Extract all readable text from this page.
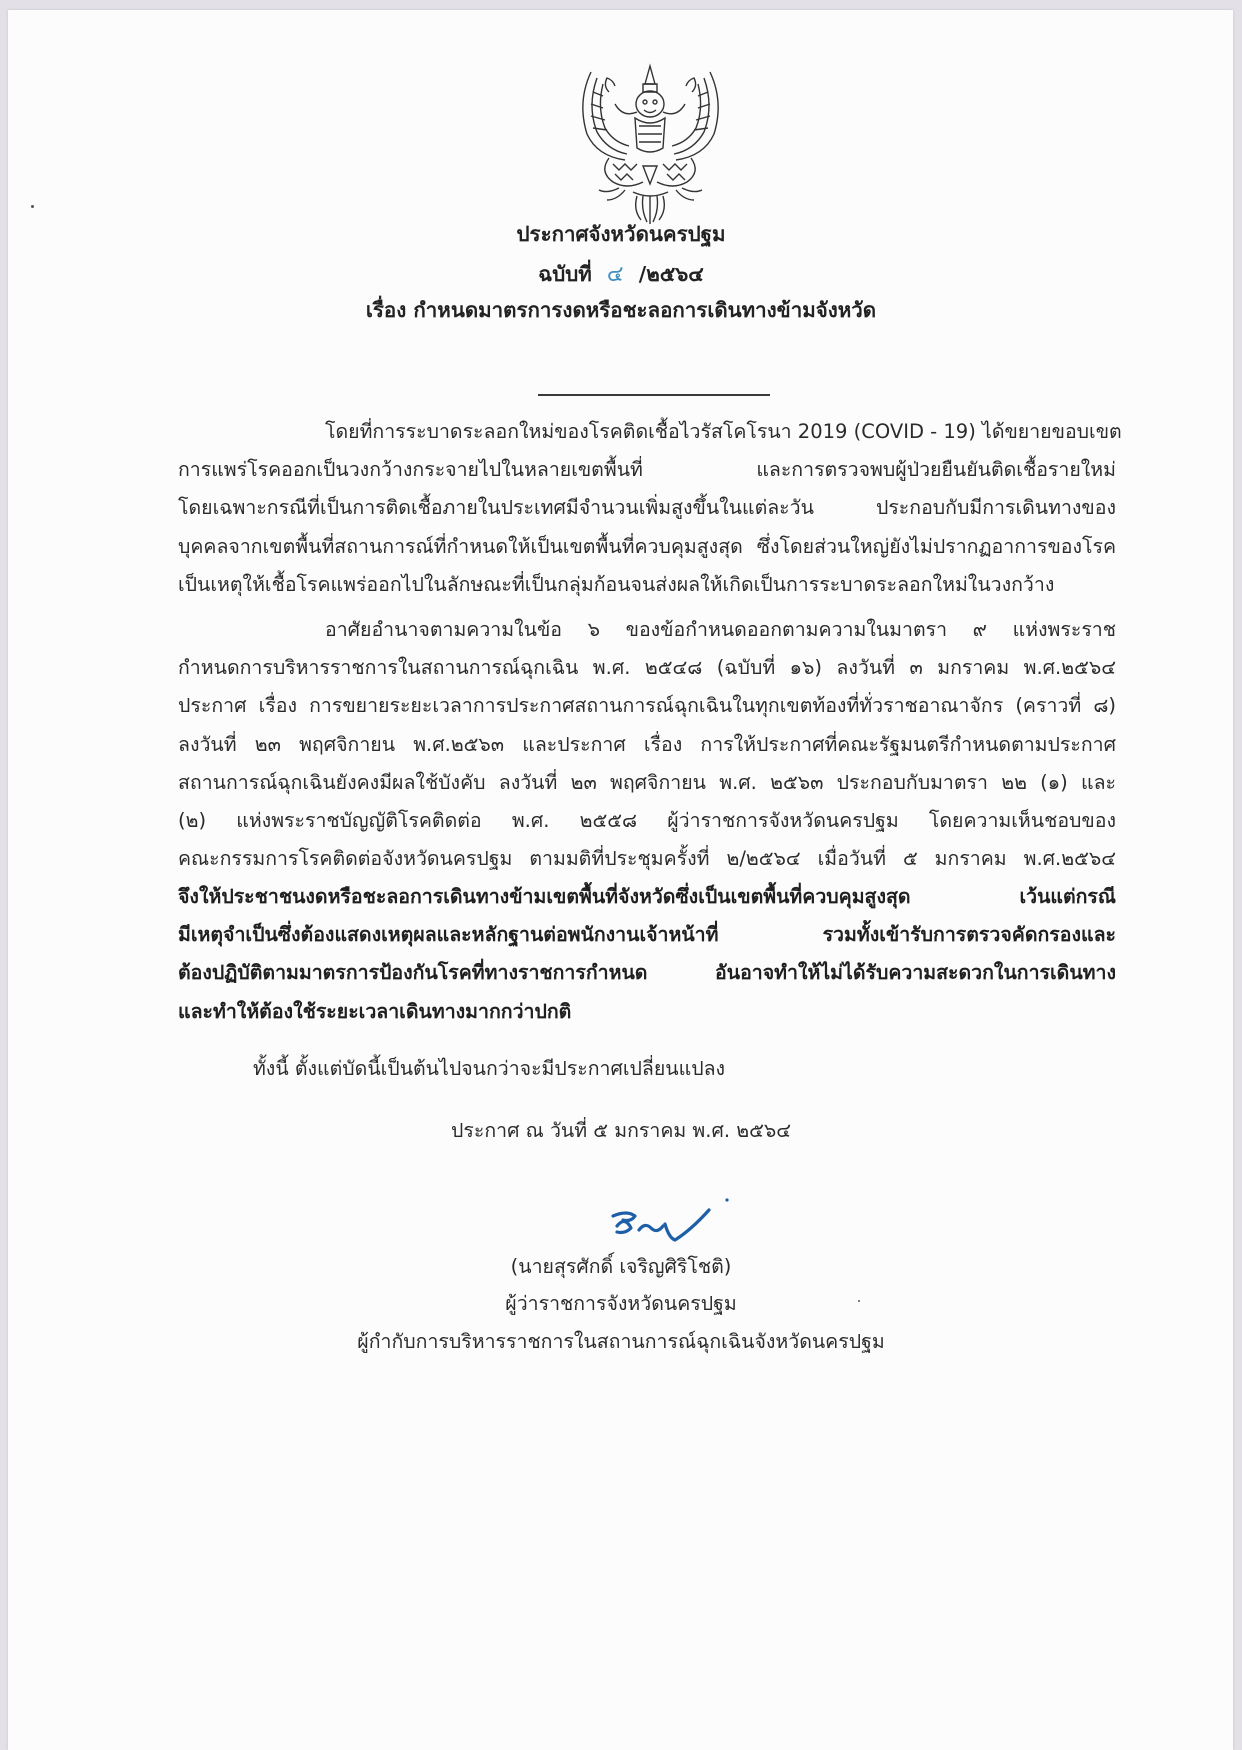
ประกาศจังหวัดนครปฐม
ฉบับที่ ๔ /๒๕๖๔
เรื่อง กำหนดมาตรการงดหรือชะลอการเดินทางข้ามจังหวัด
โดยที่การระบาดระลอกใหม่ของโรคติดเชื้อไวรัสโคโรนา 2019 (COVID - 19) ได้ขยายขอบเขต
การแพร่โรคออกเป็นวงกว้างกระจายไปในหลายเขตพื้นที่ และการตรวจพบผู้ป่วยยืนยันติดเชื้อรายใหม่
โดยเฉพาะกรณีที่เป็นการติดเชื้อภายในประเทศมีจำนวนเพิ่มสูงขึ้นในแต่ละวัน ประกอบกับมีการเดินทางของ
บุคคลจากเขตพื้นที่สถานการณ์ที่กำหนดให้เป็นเขตพื้นที่ควบคุมสูงสุด ซึ่งโดยส่วนใหญ่ยังไม่ปรากฏอาการของโรค
เป็นเหตุให้เชื้อโรคแพร่ออกไปในลักษณะที่เป็นกลุ่มก้อนจนส่งผลให้เกิดเป็นการระบาดระลอกใหม่ในวงกว้าง
อาศัยอำนาจตามความในข้อ ๖ ของข้อกำหนดออกตามความในมาตรา ๙ แห่งพระราช
กำหนดการบริหารราชการในสถานการณ์ฉุกเฉิน พ.ศ. ๒๕๔๘ (ฉบับที่ ๑๖) ลงวันที่ ๓ มกราคม พ.ศ.๒๕๖๔
ประกาศ เรื่อง การขยายระยะเวลาการประกาศสถานการณ์ฉุกเฉินในทุกเขตท้องที่ทั่วราชอาณาจักร (คราวที่ ๘)
ลงวันที่ ๒๓ พฤศจิกายน พ.ศ.๒๕๖๓ และประกาศ เรื่อง การให้ประกาศที่คณะรัฐมนตรีกำหนดตามประกาศ
สถานการณ์ฉุกเฉินยังคงมีผลใช้บังคับ ลงวันที่ ๒๓ พฤศจิกายน พ.ศ. ๒๕๖๓ ประกอบกับมาตรา ๒๒ (๑) และ
(๒) แห่งพระราชบัญญัติโรคติดต่อ พ.ศ. ๒๕๕๘ ผู้ว่าราชการจังหวัดนครปฐม โดยความเห็นชอบของ
คณะกรรมการโรคติดต่อจังหวัดนครปฐม ตามมติที่ประชุมครั้งที่ ๒/๒๕๖๔ เมื่อวันที่ ๕ มกราคม พ.ศ.๒๕๖๔
จึงให้ประชาชนงดหรือชะลอการเดินทางข้ามเขตพื้นที่จังหวัดซึ่งเป็นเขตพื้นที่ควบคุมสูงสุด เว้นแต่กรณี
มีเหตุจำเป็นซึ่งต้องแสดงเหตุผลและหลักฐานต่อพนักงานเจ้าหน้าที่ รวมทั้งเข้ารับการตรวจคัดกรองและ
ต้องปฏิบัติตามมาตรการป้องกันโรคที่ทางราชการกำหนด อันอาจทำให้ไม่ได้รับความสะดวกในการเดินทาง
และทำให้ต้องใช้ระยะเวลาเดินทางมากกว่าปกติ
ทั้งนี้ ตั้งแต่บัดนี้เป็นต้นไปจนกว่าจะมีประกาศเปลี่ยนแปลง
ประกาศ ณ วันที่ ๕ มกราคม พ.ศ. ๒๕๖๔
(นายสุรศักดิ์ เจริญศิริโชติ)
ผู้ว่าราชการจังหวัดนครปฐม
ผู้กำกับการบริหารราชการในสถานการณ์ฉุกเฉินจังหวัดนครปฐม
